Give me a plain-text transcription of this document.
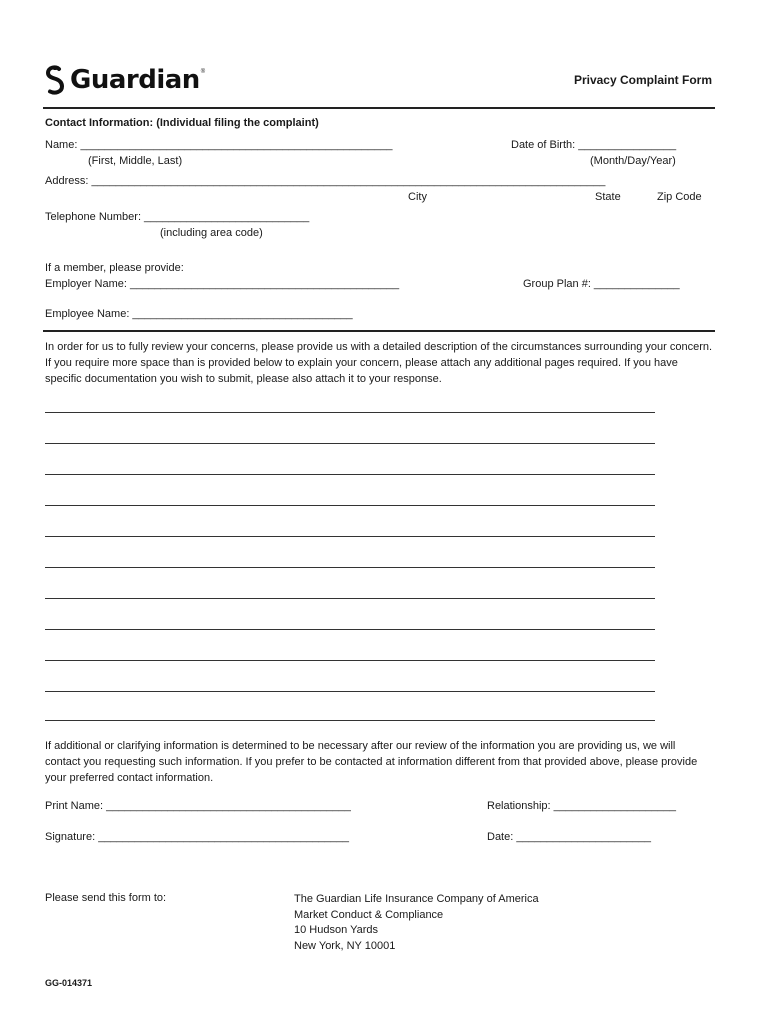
Guardian ®
Privacy Complaint Form
Contact Information: (Individual filing the complaint)
Name: ___________________________________________________
(First, Middle, Last)
Date of Birth: ________________
(Month/Day/Year)
Address: ____________________________________________________________________________________
City	State	Zip Code
Telephone Number: ___________________________
(including area code)
If a member, please provide:
Employer Name: ____________________________________________	Group Plan #: ______________
Employee Name: ____________________________________
In order for us to fully review your concerns, please provide us with a detailed description of the circumstances surrounding your concern. If you require more space than is provided below to explain your concern, please attach any additional pages required. If you have specific documentation you wish to submit, please also attach it to your response.
If additional or clarifying information is determined to be necessary after our review of the information you are providing us, we will contact you requesting such information. If you prefer to be contacted at information different from that provided above, please provide your preferred contact information.
Print Name: ________________________________________	Relationship: ____________________
Signature: _________________________________________	Date: ______________________
Please send this form to:	The Guardian Life Insurance Company of America
Market Conduct & Compliance
10 Hudson Yards
New York, NY 10001
GG-014371
